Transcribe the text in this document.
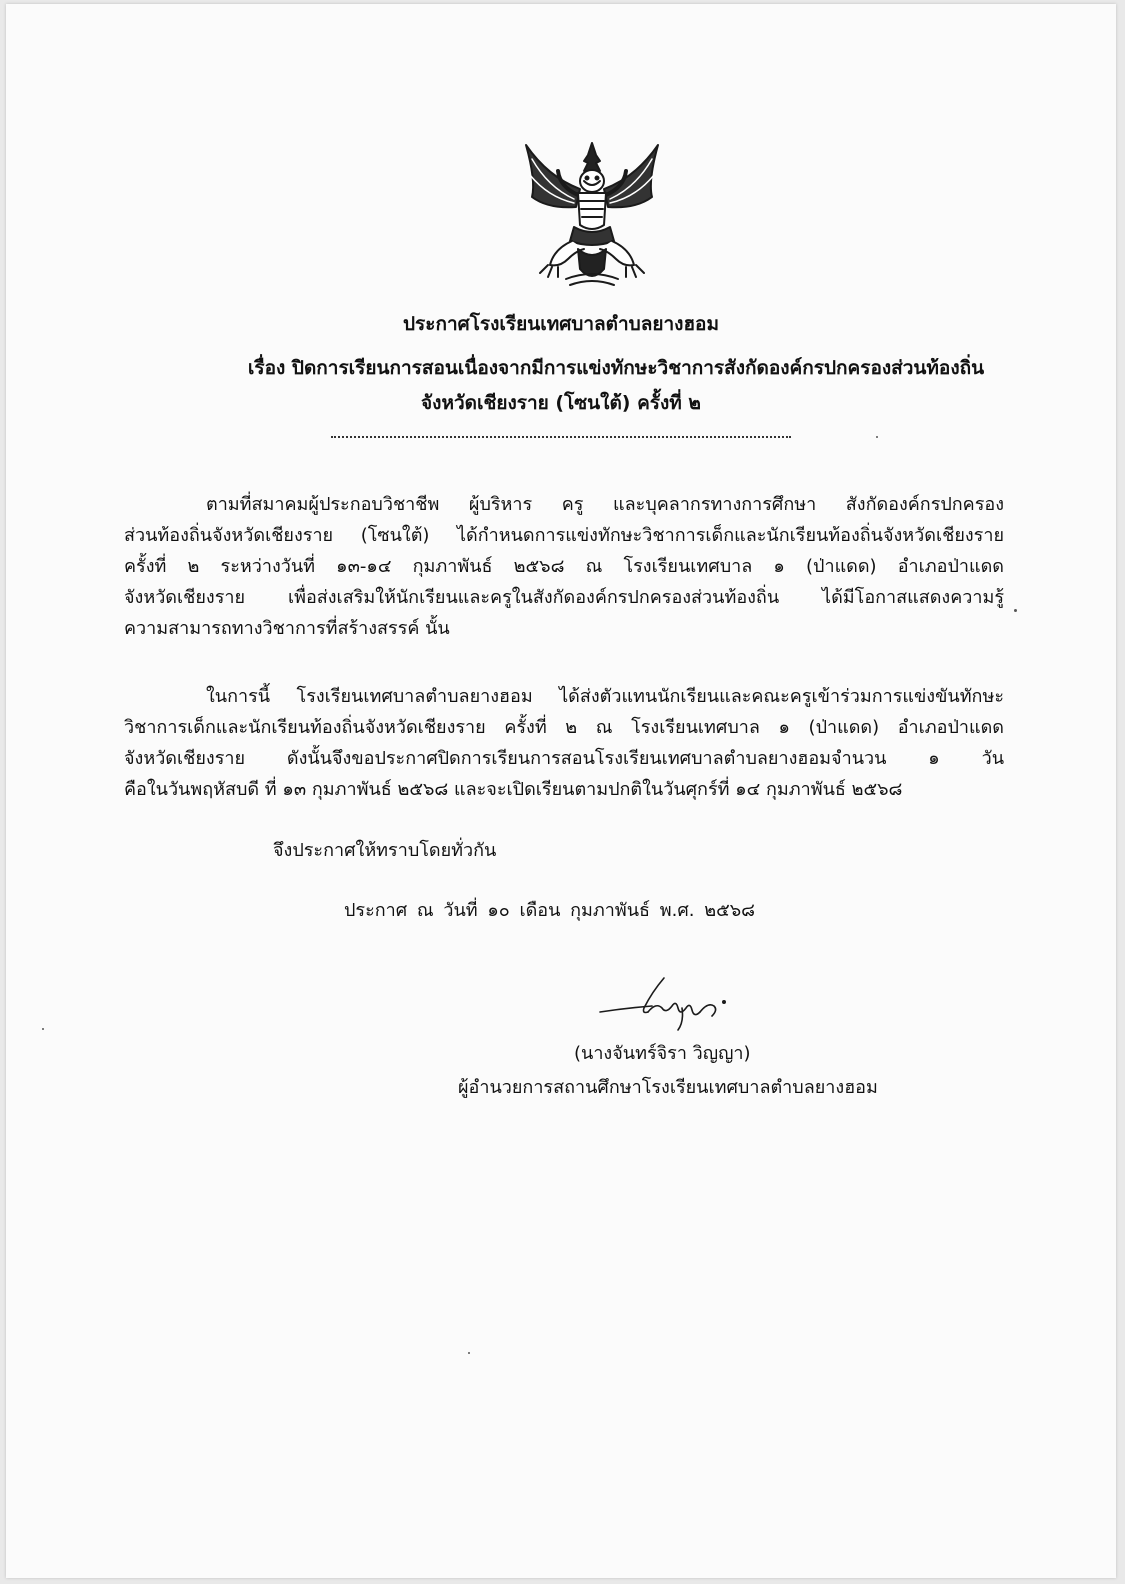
ประกาศโรงเรียนเทศบาลตำบลยางฮอม
เรื่อง ปิดการเรียนการสอนเนื่องจากมีการแข่งทักษะวิชาการสังกัดองค์กรปกครองส่วนท้องถิ่น
จังหวัดเชียงราย (โซนใต้) ครั้งที่ ๒
ตามที่สมาคมผู้ประกอบวิชาชีพ ผู้บริหาร ครู และบุคลากรทางการศึกษา สังกัดองค์กรปกครอง
ส่วนท้องถิ่นจังหวัดเชียงราย (โซนใต้) ได้กำหนดการแข่งทักษะวิชาการเด็กและนักเรียนท้องถิ่นจังหวัดเชียงราย
ครั้งที่ ๒ ระหว่างวันที่ ๑๓-๑๔ กุมภาพันธ์ ๒๕๖๘ ณ โรงเรียนเทศบาล ๑ (ป่าแดด) อำเภอป่าแดด
จังหวัดเชียงราย เพื่อส่งเสริมให้นักเรียนและครูในสังกัดองค์กรปกครองส่วนท้องถิ่น ได้มีโอกาสแสดงความรู้
ความสามารถทางวิชาการที่สร้างสรรค์ นั้น
ในการนี้ โรงเรียนเทศบาลตำบลยางฮอม ได้ส่งตัวแทนนักเรียนและคณะครูเข้าร่วมการแข่งขันทักษะ
วิชาการเด็กและนักเรียนท้องถิ่นจังหวัดเชียงราย ครั้งที่ ๒ ณ โรงเรียนเทศบาล ๑ (ป่าแดด) อำเภอป่าแดด
จังหวัดเชียงราย ดังนั้นจึงขอประกาศปิดการเรียนการสอนโรงเรียนเทศบาลตำบลยางฮอมจำนวน ๑ วัน
คือในวันพฤหัสบดี ที่ ๑๓ กุมภาพันธ์ ๒๕๖๘ และจะเปิดเรียนตามปกติในวันศุกร์ที่ ๑๔ กุมภาพันธ์ ๒๕๖๘
จึงประกาศให้ทราบโดยทั่วกัน
ประกาศ ณ วันที่ ๑๐ เดือน กุมภาพันธ์ พ.ศ. ๒๕๖๘
(นางจันทร์จิรา วิญญา)
ผู้อำนวยการสถานศึกษาโรงเรียนเทศบาลตำบลยางฮอม
